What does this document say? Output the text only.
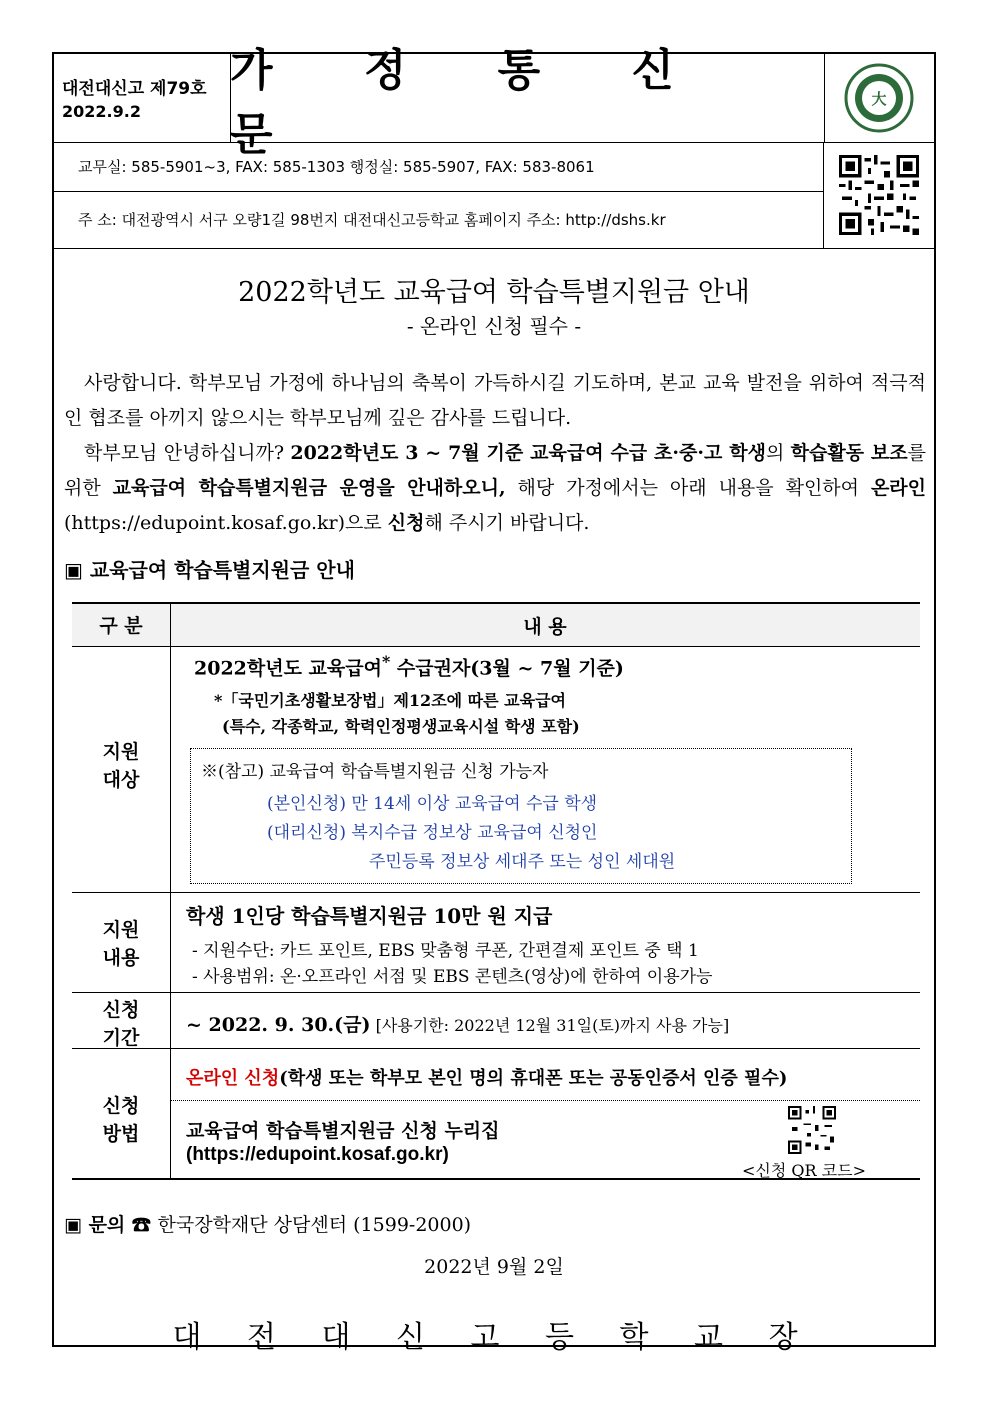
대전대신고 제79호
2022.9.2
가 정 통 신 문
大
교무실: 585-5901~3, FAX: 585-1303 행정실: 585-5907, FAX: 583-8061
주 소: 대전광역시 서구 오량1길 98번지 대전대신고등학교 홈페이지 주소: http://dshs.kr
2022학년도 교육급여 학습특별지원금 안내
- 온라인 신청 필수 -
사랑합니다. 학부모님 가정에 하나님의 축복이 가득하시길 기도하며, 본교 교육 발전을 위하여 적극적인 협조를 아끼지 않으시는 학부모님께 깊은 감사를 드립니다.
학부모님 안녕하십니까? 2022학년도 3 ~ 7월 기준 교육급여 수급 초·중·고 학생의 학습활동 보조를 위한 교육급여 학습특별지원금 운영을 안내하오니, 해당 가정에서는 아래 내용을 확인하여 온라인(https://edupoint.kosaf.go.kr)으로 신청해 주시기 바랍니다.
▣ 교육급여 학습특별지원금 안내
구 분	내 용
지원
대상
2022학년도 교육급여* 수급권자(3월 ~ 7월 기준)
*「국민기초생활보장법」제12조에 따른 교육급여
(특수, 각종학교, 학력인정평생교육시설 학생 포함)
※(참고) 교육급여 학습특별지원금 신청 가능자
(본인신청) 만 14세 이상 교육급여 수급 학생
(대리신청) 복지수급 정보상 교육급여 신청인
주민등록 정보상 세대주 또는 성인 세대원
지원
내용
학생 1인당 학습특별지원금 10만 원 지급
- 지원수단: 카드 포인트, EBS 맞춤형 쿠폰, 간편결제 포인트 중 택 1
- 사용범위: 온·오프라인 서점 및 EBS 콘텐츠(영상)에 한하여 이용가능
신청
기간
~ 2022. 9. 30.(금) [사용기한: 2022년 12월 31일(토)까지 사용 가능]
신청
방법
온라인 신청(학생 또는 학부모 본인 명의 휴대폰 또는 공동인증서 인증 필수)
교육급여 학습특별지원금 신청 누리집
(https://edupoint.kosaf.go.kr)
<신청 QR 코드>
▣ 문의 ☎ 한국장학재단 상담센터 (1599-2000)
2022년 9월 2일
대 전 대 신 고 등 학 교 장
